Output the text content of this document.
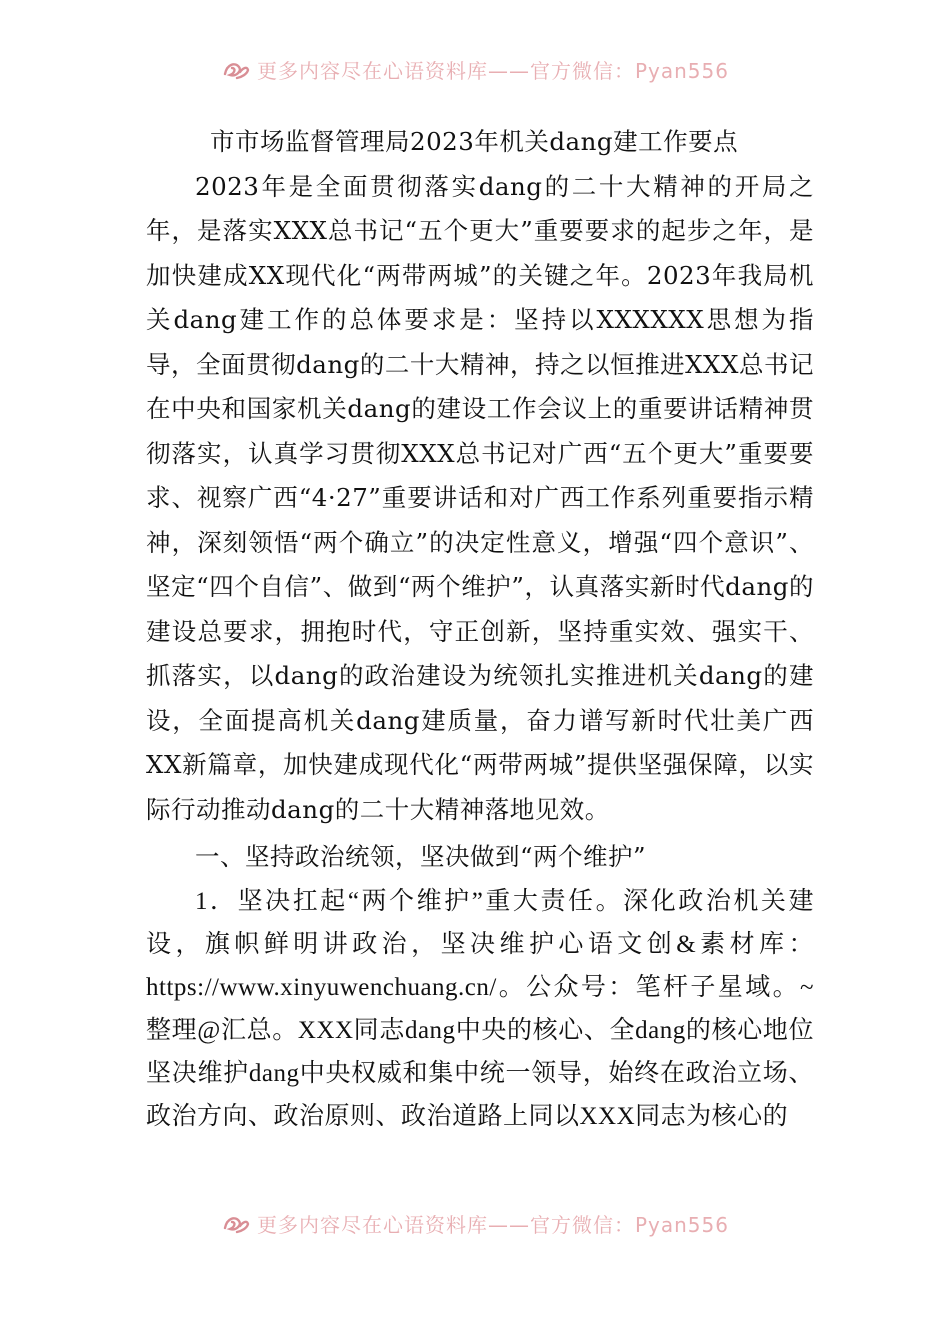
更多内容尽在心语资料库——官方微信：Pyan556
市市场监督管理局2023年机关dang建工作要点

2023年是全面贯彻落实dang的二十大精神的开局之年，是落实XXX总书记“五个更大”重要要求的起步之年，是加快建成XX现代化“两带两城”的关键之年。2023年我局机关dang建工作的总体要求是：坚持以XXXXXX思想为指导，全面贯彻dang的二十大精神，持之以恒推进XXX总书记在中央和国家机关dang的建设工作会议上的重要讲话精神贯彻落实，认真学习贯彻XXX总书记对广西“五个更大”重要要求、视察广西“4·27”重要讲话和对广西工作系列重要指示精神，深刻领悟“两个确立”的决定性意义，增强“四个意识”、坚定“四个自信”、做到“两个维护”，认真落实新时代dang的建设总要求，拥抱时代，守正创新，坚持重实效、强实干、抓落实，以dang的政治建设为统领扎实推进机关dang的建设，全面提高机关dang建质量，奋力谱写新时代壮美广西XX新篇章，加快建成现代化“两带两城”提供坚强保障，以实际行动推动dang的二十大精神落地见效。

一、坚持政治统领，坚决做到“两个维护”

1．坚决扛起“两个维护”重大责任。深化政治机关建设，旗帜鲜明讲政治，坚决维护心语文创&素材库：https://www.xinyuwenchuang.cn/。公众号：笔杆子星域。~整理@汇总。XXX同志dang中央的核心、全dang的核心地位坚决维护dang中央权威和集中统一领导，始终在政治立场、政治方向、政治原则、政治道路上同以XXX同志为核心的

更多内容尽在心语资料库——官方微信：Pyan556
